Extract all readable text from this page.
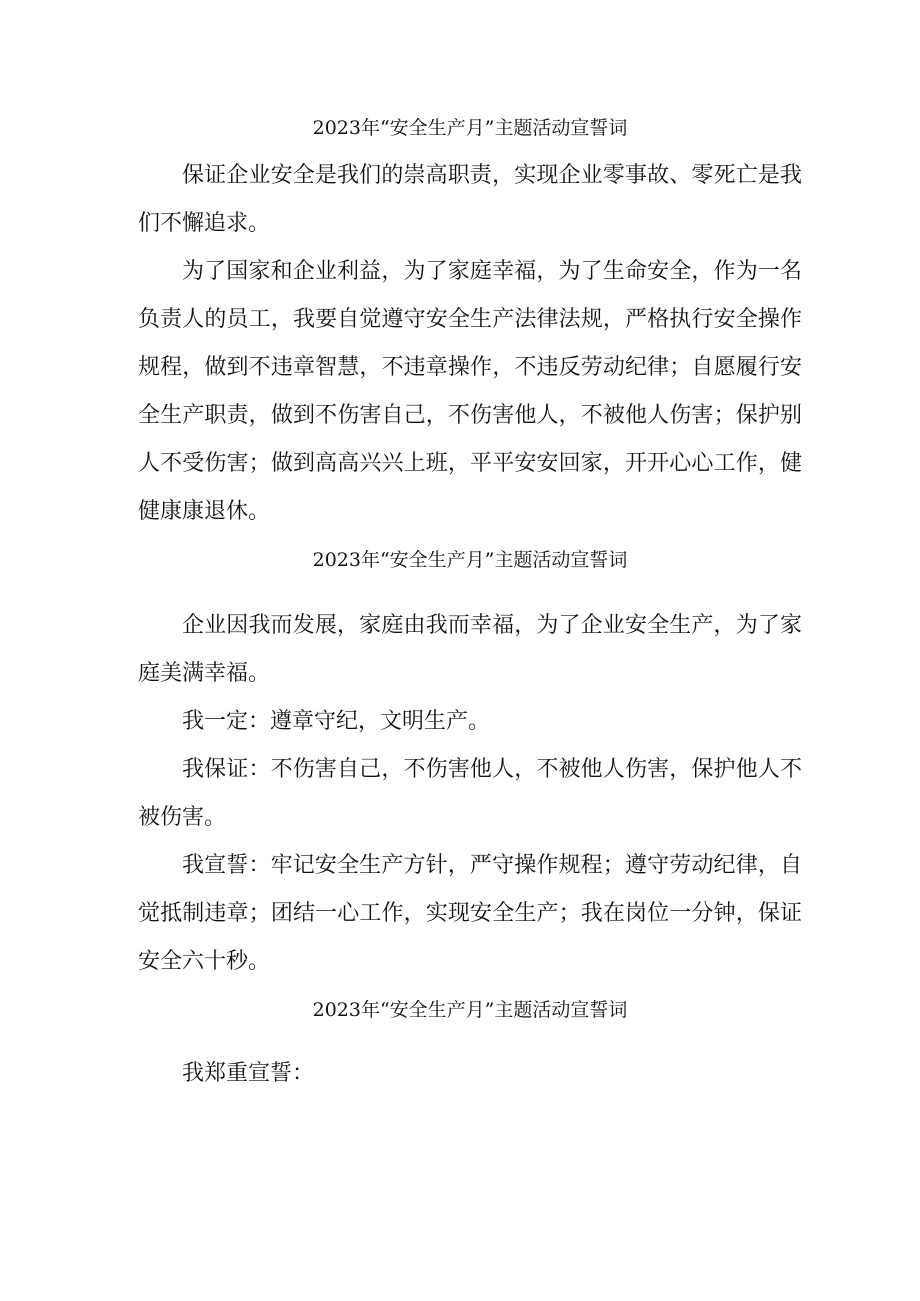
2023年“安全生产月”主题活动宣誓词

保证企业安全是我们的崇高职责，实现企业零事故、零死亡是我们不懈追求。

为了国家和企业利益，为了家庭幸福，为了生命安全，作为一名负责人的员工，我要自觉遵守安全生产法律法规，严格执行安全操作规程，做到不违章智慧，不违章操作，不违反劳动纪律；自愿履行安全生产职责，做到不伤害自己，不伤害他人，不被他人伤害；保护别人不受伤害；做到高高兴兴上班，平平安安回家，开开心心工作，健健康康退休。

2023年“安全生产月”主题活动宣誓词

企业因我而发展，家庭由我而幸福，为了企业安全生产，为了家庭美满幸福。

我一定：遵章守纪，文明生产。

我保证：不伤害自己，不伤害他人，不被他人伤害，保护他人不被伤害。

我宣誓：牢记安全生产方针，严守操作规程；遵守劳动纪律，自觉抵制违章；团结一心工作，实现安全生产；我在岗位一分钟，保证安全六十秒。

2023年“安全生产月”主题活动宣誓词

我郑重宣誓：
